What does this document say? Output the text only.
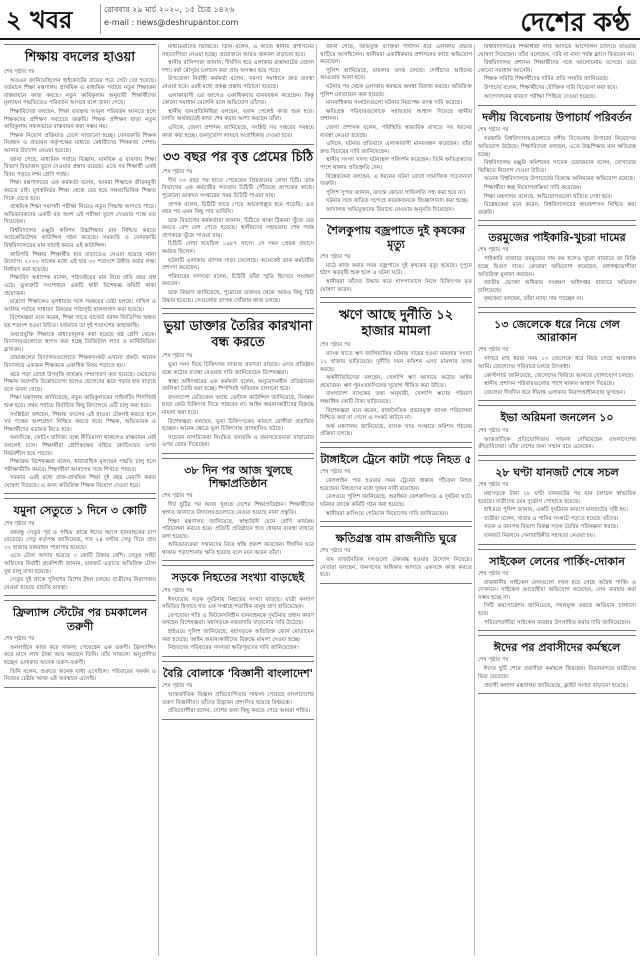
২ খবর	রোববার ২৯ মার্চ ২০২০, ১৫ চৈত্র ১৪২৬
e-mail : news@deshrupantor.com	দেশের কণ্ঠ
শিক্ষায় বদলের হাওয়া
শেষ পৃষ্ঠার পর

অতএব জানিয়েছিলেন হাইকোর্টের রায়ের পরে সেটা তো হয়েছে। বর্তমানে শিক্ষা মন্ত্রণালয় প্রাথমিক ও মাধ্যমিক পর্যায়ে নতুন শিক্ষাক্রম বাস্তবায়নে কাজ করছে। নতুন কারিকুলাম অনুযায়ী শিক্ষার্থীদের মূল্যায়ন পদ্ধতিতেও পরিবর্তন আসবে বলে জানা গেছে।

শিক্ষাবিদেরা বলছেন, শিক্ষা ব্যবস্থায় আমূল পরিবর্তন আনতে হলে শিক্ষকদের প্রশিক্ষণ সবচেয়ে জরুরি। শিক্ষক প্রশিক্ষণ ছাড়া নতুন কারিকুলাম সফলভাবে বাস্তবায়ন করা সম্ভব নয়।

শিক্ষক নিয়োগ প্রক্রিয়াও ঢেলে সাজানো হচ্ছে। বেসরকারি শিক্ষক নিবন্ধন ও প্রত্যয়ন কর্তৃপক্ষের মাধ্যমে মেধাবীদের শিক্ষকতা পেশায় আনার উদ্যোগ নেওয়া হয়েছে।

জানা গেছে, মাধ্যমিক পর্যায়ে বিজ্ঞান, মানবিক ও ব্যবসায় শিক্ষা বিভাগ বিভাজন তুলে দেওয়ার প্রস্তাব রয়েছে। এতে সব শিক্ষার্থী একই বিষয় পড়বে দশম শ্রেণি পর্যন্ত।

শিক্ষা মন্ত্রণালয়ের এক কর্মকর্তা বলেন, আমরা শিক্ষাকে জীবনমুখী করতে চাই। মুখস্থনির্ভর শিক্ষা থেকে বের হয়ে দক্ষতাভিত্তিক শিক্ষার দিকে যেতে হবে।

প্রাথমিক শিক্ষা সমাপনী পরীক্ষা নিয়েও নতুন সিদ্ধান্ত আসতে পারে। অভিভাবকদের একটি বড় অংশ এই পরীক্ষা তুলে দেওয়ার পক্ষে মত দিয়েছেন।

বিশ্ববিদ্যালয় মঞ্জুরি কমিশন উচ্চশিক্ষার মান নিশ্চিত করতে অ্যাক্রেডিটেশন কাউন্সিল গঠন করেছে। সরকারি ও বেসরকারি বিশ্ববিদ্যালয়ের মান যাচাই করবে এই কাউন্সিল।

কারিগরি শিক্ষায় শিক্ষার্থীর হার বাড়াতেও নেওয়া হয়েছে নানা উদ্যোগ। ২০৩০ সালের মধ্যে এই হার ৩০ শতাংশে উন্নীত করার লক্ষ্য নির্ধারণ করা হয়েছে।

শিক্ষাবিদ অধ্যাপক বলেন, পাঠ্যবইয়ের মান নিয়ে প্রতি বছর প্রশ্ন ওঠে। ভুলত্রুটি সংশোধনে একটি স্থায়ী বিশেষজ্ঞ কমিটি থাকা প্রয়োজন।

মাদ্রাসা শিক্ষাকেও মূলধারার সঙ্গে সমন্বয়ের চেষ্টা চলছে। দাখিল ও আলিম পর্যায়ে সাধারণ বিষয়ের পাঠ্যসূচি হালনাগাদ করা হয়েছে।

বিশেষজ্ঞরা মনে করেন, শিক্ষা খাতে বাজেট বরাদ্দ জিডিপির অন্তত ছয় শতাংশ হওয়া উচিত। বর্তমানে তা দুই শতাংশের কাছাকাছি।

তথ্যপ্রযুক্তি শিক্ষাকে বাধ্যতামূলক করা হয়েছে ষষ্ঠ শ্রেণি থেকে। বিদ্যালয়গুলোতে স্থাপন করা হচ্ছে ডিজিটাল ল্যাব ও মাল্টিমিডিয়া ক্লাসরুম।

গ্রামাঞ্চলের বিদ্যালয়গুলোতে শিক্ষকসংকট এখনো প্রকট। অনেক বিদ্যালয়ে একজন শিক্ষককে একাধিক বিষয় পড়াতে হয়।

ঝরে পড়া রোধে উপবৃত্তি কার্যক্রম সম্প্রসারণ করা হয়েছে। মেয়েদের শিক্ষায় অগ্রগতি উল্লেখযোগ্য হলেও ছেলেদের ঝরে পড়ার হার বাড়ছে বলে জানা গেছে।

শিক্ষা মন্ত্রণালয় জানিয়েছে, নতুন কারিকুলামের পাইলটিং শিগগিরই শুরু হবে। প্রথম পর্যায়ে নির্বাচিত কিছু বিদ্যালয়ে এটি চালু করা হবে।

সংশ্লিষ্টরা বলছেন, শিক্ষায় বদলের এই হাওয়া টেকসই করতে হলে সব পক্ষের অংশগ্রহণ নিশ্চিত করতে হবে। শিক্ষক, অভিভাবক ও শিক্ষার্থীদের মতামত নিতে হবে।

অন্যদিকে, কোচিং বাণিজ্য বন্ধে নীতিমালা থাকলেও বাস্তবায়ন নেই বললেই চলে। শিক্ষার্থীরা শ্রেণিকক্ষের বাইরে কোচিংয়ের ওপর নির্ভরশীল হয়ে পড়ছে।

শিক্ষাক্রম বিশেষজ্ঞরা বলেন, ধারাবাহিক মূল্যায়ন পদ্ধতি চালু হলে পরীক্ষাভীতি কমবে। শিক্ষার্থীরা আনন্দের সঙ্গে শিখতে পারবে।

সরকার এরই মধ্যে প্রাক-প্রাথমিক শিক্ষা দুই বছর মেয়াদি করার ঘোষণা দিয়েছে। এ জন্য অতিরিক্ত শিক্ষক নিয়োগ দেওয়া হবে।

যমুনা সেতুতে ১ দিনে ৩ কোটি
শেষ পৃষ্ঠার পর

বঙ্গবন্ধু সেতুর পূর্ব ও পশ্চিম প্রান্তে ঈদের আগে যানবাহনের চাপ বেড়েছে। সেতু কর্তৃপক্ষ জানিয়েছে, গত ২৪ ঘণ্টায় সেতু দিয়ে প্রায় ৩২ হাজার যানবাহন পারাপার হয়েছে।

এতে টোল আদায় হয়েছে ৩ কোটি টাকার বেশি। সেতুর সাইট অফিসের নির্বাহী প্রকৌশলী জানান, যানজট এড়াতে অতিরিক্ত টোল বুথ চালু রাখা হয়েছে।

সেতুর দুই প্রান্তে পুলিশের বিশেষ টহল চলছে। যাত্রীদের নিরাপত্তায় নেওয়া হয়েছে বাড়তি ব্যবস্থা।

ফ্রিল্যান্স স্টেটের পর চমকালেন তরুণী
শেষ পৃষ্ঠার পর

অনলাইনে কাজ করে সাফল্য পেয়েছেন এক তরুণী। ফ্রিল্যান্সিং করে মাসে লাখ টাকা আয় করছেন তিনি। তাঁর সাফল্যে অনুপ্রাণিত হচ্ছেন এলাকার অনেক তরুণ-তরুণী।

তিনি বলেন, শুরুতে অনেক বাধা এসেছিল। পরিবারের সমর্থন ও নিজের চেষ্টায় আজ এই অবস্থানে এসেছি।

মাধ্যমেরাদের ভিত্তিতে। তিনি বলেন, এ কাজে স্থানীয় প্রশাসনের সহযোগিতা নেওয়া হচ্ছে। প্রয়োজনে আরও জনবল বাড়ানো হবে।

স্থানীয় বাসিন্দারা জানান, দীর্ঘদিন ধরে এলাকার রাস্তাঘাটের বেহাল দশা। বর্ষা মৌসুমে চলাচল করা প্রায় অসম্ভব হয়ে পড়ে।

উপজেলা নির্বাহী কর্মকর্তা বলেন, সমস্যা সমাধানে দ্রুত ব্যবস্থা নেওয়া হবে। এরই মধ্যে প্রকল্প প্রস্তাব পাঠানো হয়েছে।

এলাকাবাসী এর আগেও একাধিকবার মানববন্ধন করেছেন। কিন্তু কোনো সমাধান মেলেনি বলে অভিযোগ তাঁদের।

স্থানীয় জনপ্রতিনিধিরা বলছেন, বরাদ্দ পেলেই কাজ শুরু হবে। চলতি অর্থবছরেই কাজ শেষ করার আশা করছেন তাঁরা।

এদিকে, জেলা প্রশাসন জানিয়েছে, সংশ্লিষ্ট সব দপ্তরের সমন্বয়ে কাজ করা হচ্ছে। জনদুর্ভোগ লাঘবে অগ্রাধিকার দেওয়া হবে।

৩৩ বছর পর বৃত্ত প্রেমের চিঠি
শেষ পৃষ্ঠার পর

দীর্ঘ ৩৩ বছর পর হাতে পেয়েছেন প্রিয়জনের লেখা চিঠি। ডাক বিভাগের এক কর্মচারীর সততায় চিঠিটি পৌঁছেছে প্রাপকের কাছে। পুরোনো ডাকঘর সংস্কারের সময় চিঠিটি পাওয়া যায়।

প্রাপক বলেন, চিঠিটি হাতে পেয়ে আবেগাপ্লুত হয়ে পড়েছি। এত বছর পর এমন কিছু পাব ভাবিনি।

ডাক বিভাগের কর্মকর্তারা জানান, চিঠিতে থাকা ঠিকানা খুঁজে বের করতে বেশ বেগ পেতে হয়েছে। স্থানীয়দের সহায়তায় শেষ পর্যন্ত প্রাপককে খুঁজে পাওয়া যায়।

চিঠিটি লেখা হয়েছিল ১৯৮৭ সালে। সে সময় প্রেরক প্রবাসে কর্মরত ছিলেন।

ঘটনাটি এলাকায় ব্যাপক সাড়া ফেলেছে। অনেকেই ডাক কর্মচারীর প্রশংসা করেছেন।

পরিবারের সদস্যরা বলেন, চিঠিটি তাঁরা স্মৃতি হিসেবে সংরক্ষণ করবেন।

ডাক বিভাগ জানিয়েছে, পুরোনো ডাকঘর থেকে আরও কিছু চিঠি উদ্ধার হয়েছে। সেগুলোর প্রাপক খোঁজার কাজ চলছে।

ভুয়া ডাক্তার তৈরির কারখানা বন্ধ করতে
শেষ পৃষ্ঠার পর

ভুয়া সনদ দিয়ে চিকিৎসক সাজার প্রবণতা বাড়ছে। এসব প্রতিষ্ঠান বন্ধে কঠোর ব্যবস্থা নেওয়ার দাবি জানিয়েছেন বিশেষজ্ঞরা।

স্বাস্থ্য অধিদপ্তরের এক কর্মকর্তা বলেন, অনুমোদনহীন প্রতিষ্ঠানের তালিকা তৈরি করা হচ্ছে। শিগগিরই অভিযান চালানো হবে।

বাংলাদেশ মেডিকেল অ্যান্ড ডেন্টাল কাউন্সিল জানিয়েছে, নিবন্ধন ছাড়া কেউ চিকিৎসা দিতে পারবেন না। আইন অমান্যকারীদের বিরুদ্ধে মামলা করা হবে।

বিশেষজ্ঞরা বলছেন, ভুয়া চিকিৎসকের কারণে রোগীরা প্রতারিত হচ্ছেন। অনেক ক্ষেত্রে ভুল চিকিৎসায় প্রাণহানিও ঘটছে।

সচেতন নাগরিকেরা নিয়মিত তদারকি ও জনসচেতনতা বাড়ানোর ওপর জোর দিয়েছেন।

৩৮ দিন পর আজ খুলছে শিক্ষাপ্রতিষ্ঠান
শেষ পৃষ্ঠার পর

দীর্ঘ ছুটির পর আজ খুলছে দেশের শিক্ষাপ্রতিষ্ঠান। শিক্ষার্থীদের স্বাগত জানাতে বিদ্যালয়গুলোতে নেওয়া হয়েছে নানা প্রস্তুতি।

শিক্ষা মন্ত্রণালয় জানিয়েছে, স্বাস্থ্যবিধি মেনে শ্রেণি কার্যক্রম পরিচালনা করতে হবে। প্রতিটি প্রতিষ্ঠানে হাত ধোয়ার ব্যবস্থা রাখতে বলা হয়েছে।

অভিভাবকেরা সন্তানদের নিয়ে স্বস্তি প্রকাশ করেছেন। দীর্ঘদিন ঘরে থাকায় পড়াশোনায় ক্ষতি হয়েছে বলে মনে করেন তাঁরা।

সড়কে নিহতের সংখ্যা বাড়ছেই
শেষ পৃষ্ঠার পর

ঈদযাত্রায় সড়ক দুর্ঘটনায় নিহতের সংখ্যা বাড়ছে। যাত্রী কল্যাণ সমিতির হিসাবে গত এক সপ্তাহে শতাধিক মানুষ প্রাণ হারিয়েছেন।

বেপরোয়া গতি ও ফিটনেসবিহীন যানবাহনকে দুর্ঘটনার প্রধান কারণ বলছেন বিশেষজ্ঞরা। মহাসড়কে নজরদারি বাড়ানোর দাবি উঠেছে।

হাইওয়ে পুলিশ জানিয়েছে, মহাসড়কে অতিরিক্ত ফোর্স মোতায়েন করা হয়েছে। আইন অমান্যকারীদের বিরুদ্ধে মামলা দেওয়া হচ্ছে।

নিহতদের পরিবারের সদস্যরা ক্ষতিপূরণের দাবি জানিয়েছেন।

বৈরি বোলাকে 'বিজ্ঞানী বাংলাদেশ'
শেষ পৃষ্ঠার পর

আন্তর্জাতিক বিজ্ঞান প্রতিযোগিতায় সাফল্য পেয়েছে বাংলাদেশের তরুণ বিজ্ঞানীরা। তাঁদের উদ্ভাবন প্রশংসিত হয়েছে বিশ্বমঞ্চে।

প্রতিযোগীরা বলেন, দেশের জন্য কিছু করতে পেরে আমরা গর্বিত।

জানা গেছে, অভিযুক্ত ব্যক্তিরা দীর্ঘদিন ধরে এলাকায় প্রভাব খাটিয়ে আসছিলেন। স্থানীয়রা একাধিকবার প্রশাসনের কাছে অভিযোগ করেছেন।

পুলিশ জানিয়েছে, মামলার তদন্ত চলছে। দোষীদের আইনের আওতায় আনা হবে।

ঘটনার পর থেকে এলাকায় থমথমে অবস্থা বিরাজ করছে। অতিরিক্ত পুলিশ মোতায়েন করা হয়েছে।

মানবাধিকার সংগঠনগুলো ঘটনার নিরপেক্ষ তদন্ত দাবি করেছে।

ক্ষতিগ্রস্ত পরিবারগুলোকে সহায়তার আশ্বাস দিয়েছে স্থানীয় প্রশাসন।

জেলা প্রশাসক বলেন, পরিস্থিতি স্বাভাবিক রাখতে সব ধরনের ব্যবস্থা নেওয়া হয়েছে।

এদিকে, ঘটনার প্রতিবাদে এলাকাবাসী মানববন্ধন করেছেন। তাঁরা দ্রুত বিচারের দাবি জানিয়েছেন।

স্থানীয় সংসদ সদস্য ঘটনাস্থল পরিদর্শন করেছেন। তিনি ক্ষতিগ্রস্তদের পাশে থাকার প্রতিশ্রুতি দেন।

বিশ্লেষকেরা বলছেন, এ ধরনের ঘটনা রোধে সামাজিক সচেতনতা জরুরি।

পুলিশ সুপার জানান, তদন্তে কোনো গাফিলতি সহ্য করা হবে না।

ঘটনার সঙ্গে জড়িত সন্দেহে কয়েকজনকে জিজ্ঞাসাবাদ করা হচ্ছে।

আদালত অভিযুক্তদের রিমান্ডে নেওয়ার অনুমতি দিয়েছেন।

শৈলকুপায় বজ্রপাতে দুই কৃষকের মৃত্যু
শেষ পৃষ্ঠার পর

মাঠে কাজ করার সময় বজ্রপাতে দুই কৃষকের মৃত্যু হয়েছে। দুপুরে হঠাৎ ঝড়বৃষ্টি শুরু হলে এ ঘটনা ঘটে।

স্থানীয়রা তাঁদের উদ্ধার করে হাসপাতালে নিলে চিকিৎসক মৃত ঘোষণা করেন।

ঋণে আছে দুর্নীতি ১২ হাজার মামলা
শেষ পৃষ্ঠার পর

ব্যাংক খাতে ঋণ জালিয়াতির ঘটনায় দায়ের হওয়া মামলার সংখ্যা ১২ হাজার ছাড়িয়েছে। দুর্নীতি দমন কমিশন এসব মামলার তদন্ত করছে।

অর্থনীতিবিদেরা বলছেন, খেলাপি ঋণ আদায়ে কঠোর আইন প্রয়োজন। ঋণ পুনঃতফসিলের সুযোগ সীমিত করা উচিত।

বাংলাদেশ ব্যাংকের তথ্য অনুযায়ী, খেলাপি ঋণের পরিমাণ লক্ষাধিক কোটি টাকা ছাড়িয়েছে।

বিশেষজ্ঞরা মনে করেন, রাজনৈতিক প্রভাবমুক্ত ব্যাংক পরিচালনা নিশ্চিত করা না গেলে এ সংকট কাটবে না।

অর্থ মন্ত্রণালয় জানিয়েছে, ব্যাংক খাত সংস্কারে কমিশন গঠনের প্রক্রিয়া চলছে।

টাঙ্গাইলে ট্রেনে কাটা পড়ে নিহত ৫
শেষ পৃষ্ঠার পর

রেললাইন পার হওয়ার সময় ট্রেনের ধাক্কায় পাঁচজন নিহত হয়েছেন। নিহতদের মধ্যে দুজন নারী রয়েছেন।

রেলওয়ে পুলিশ জানিয়েছে, অরক্ষিত রেলক্রসিংয়ে এ দুর্ঘটনা ঘটে। ঘটনার তদন্তে কমিটি গঠন করা হয়েছে।

স্থানীয়রা ক্রসিংয়ে গেটম্যান নিয়োগের দাবি জানিয়েছেন।

ক্ষতিগ্রস্ত বাম রাজনীতি ঘুরে
শেষ পৃষ্ঠার পর

বাম রাজনৈতিক দলগুলো ঐক্যবদ্ধ হওয়ার উদ্যোগ নিয়েছে। নেতারা বলছেন, জনগণের অধিকার আদায়ে একসঙ্গে কাজ করতে হবে।

বিশ্ববিদ্যালয়ের শিক্ষার্থীরা দাবি আদায়ে আন্দোলন চালিয়ে যাওয়ার ঘোষণা দিয়েছেন। তাঁরা বলেছেন, দাবি না মানা পর্যন্ত ক্লাসে ফিরবেন না।

বিশ্ববিদ্যালয় প্রশাসন শিক্ষার্থীদের সঙ্গে আলোচনায় বসেছে। তবে কোনো সমাধান আসেনি।

শিক্ষক সমিতি শিক্ষার্থীদের দাবির প্রতি সংহতি জানিয়েছে।

উপাচার্য বলেন, শিক্ষার্থীদের যৌক্তিক দাবি বিবেচনা করা হবে।

আন্দোলনের কারণে পরীক্ষা পিছিয়ে দেওয়া হয়েছে।

দলীয় বিবেচনায় উপাচার্য পরিবর্তন
শেষ পৃষ্ঠার পর

সরকারি বিশ্ববিদ্যালয়গুলোতে দলীয় বিবেচনায় উপাচার্য নিয়োগের অভিযোগ উঠেছে। শিক্ষাবিদেরা বলছেন, এতে উচ্চশিক্ষার মান ক্ষতিগ্রস্ত হচ্ছে।

বিশ্ববিদ্যালয় মঞ্জুরি কমিশনের সাবেক চেয়ারম্যান বলেন, যোগ্যতার ভিত্তিতে নিয়োগ দেওয়া উচিত।

অনেক বিশ্ববিদ্যালয়ে উপাচার্যের বিরুদ্ধে অনিয়মের অভিযোগ রয়েছে।

শিক্ষার্থীরা স্বচ্ছ নিয়োগপ্রক্রিয়া দাবি করেছেন।

শিক্ষা মন্ত্রণালয় বলেছে, অভিযোগগুলো খতিয়ে দেখা হবে।

বিশ্লেষকেরা মনে করেন, বিশ্ববিদ্যালয়ের স্বায়ত্তশাসন নিশ্চিত করা জরুরি।

তরমুজের পাইকারি-খুচরা দামের
শেষ পৃষ্ঠার পর

পাইকারি বাজারে তরমুজের দাম কম হলেও খুচরা বাজারে তা বিক্রি হচ্ছে দ্বিগুণ দামে। ক্রেতারা অভিযোগ করেছেন, মধ্যস্বত্বভোগীরা অতিরিক্ত মুনাফা করছেন।

জাতীয় ভোক্তা অধিকার সংরক্ষণ অধিদপ্তর বাজারে অভিযান চালিয়েছে।

কৃষকেরা বলছেন, তাঁরা ন্যায্য দাম পাচ্ছেন না।

১৩ জেলেকে ধরে নিয়ে গেল আরাকান
শেষ পৃষ্ঠার পর

সাগরে মাছ ধরার সময় ১৩ জেলেকে ধরে নিয়ে গেছে আরাকান আর্মি। জেলেদের পরিবারে চলছে উৎকণ্ঠা।

কোস্টগার্ড জানিয়েছে, জেলেদের ফিরিয়ে আনতে যোগাযোগ চলছে।

স্থানীয় প্রশাসন পরিবারগুলোর পাশে থাকার আশ্বাস দিয়েছে।

জেলেরা দীর্ঘদিন ধরে সীমান্ত এলাকায় নিরাপত্তাহীনতায় ভুগছেন।

ইভা অরিমনা জনলেন ১০
শেষ পৃষ্ঠার পর

আন্তর্জাতিক প্রতিযোগিতায় সাফল্য দেখিয়েছেন বাংলাদেশের ক্রীড়াবিদেরা। তাঁরা দেশের জন্য সম্মান বয়ে এনেছেন।

২৮ ঘণ্টা যানজট শেষে সচল
শেষ পৃষ্ঠার পর

মহাসড়কে টানা ২৮ ঘণ্টা যানজটের পর যান চলাচল স্বাভাবিক হয়েছে। যাত্রীদের চরম দুর্ভোগ পোহাতে হয়েছে।

হাইওয়ে পুলিশ জানায়, একটি দুর্ঘটনার কারণে যানজটের সৃষ্টি হয়।

যাত্রীরা বলেন, খাবার ও পানির সংকটে পড়তে হয়েছে তাঁদের।

সড়ক ও জনপথ বিভাগ বিকল্প সড়ক তৈরির পরিকল্পনা করছে।

যানজট নিরসনে সেনাবাহিনীর সহায়তা নেওয়া হয়।

সাইকেল লেনের পার্কিং-দোকান
শেষ পৃষ্ঠার পর

রাজধানীর সাইকেল লেনগুলো দখল হয়ে গেছে অবৈধ পার্কিং ও দোকানে। সাইকেল আরোহীরা অভিযোগ করেছেন, লেন ব্যবহার করা সম্ভব হচ্ছে না।

সিটি করপোরেশন জানিয়েছে, দখলমুক্ত করতে অভিযান চালানো হবে।

পরিবেশবাদীরা সাইকেল ব্যবহার উৎসাহিত করার দাবি জানিয়েছেন।

ঈদের পর প্রবাসীদের কর্মস্থলে
শেষ পৃষ্ঠার পর

ঈদের ছুটি শেষে প্রবাসীরা কর্মস্থলে ফিরছেন। বিমানবন্দরে যাত্রীদের ভিড় বেড়েছে।

প্রবাসী কল্যাণ মন্ত্রণালয় জানিয়েছে, ফ্লাইট সংখ্যা বাড়ানো হয়েছে।
